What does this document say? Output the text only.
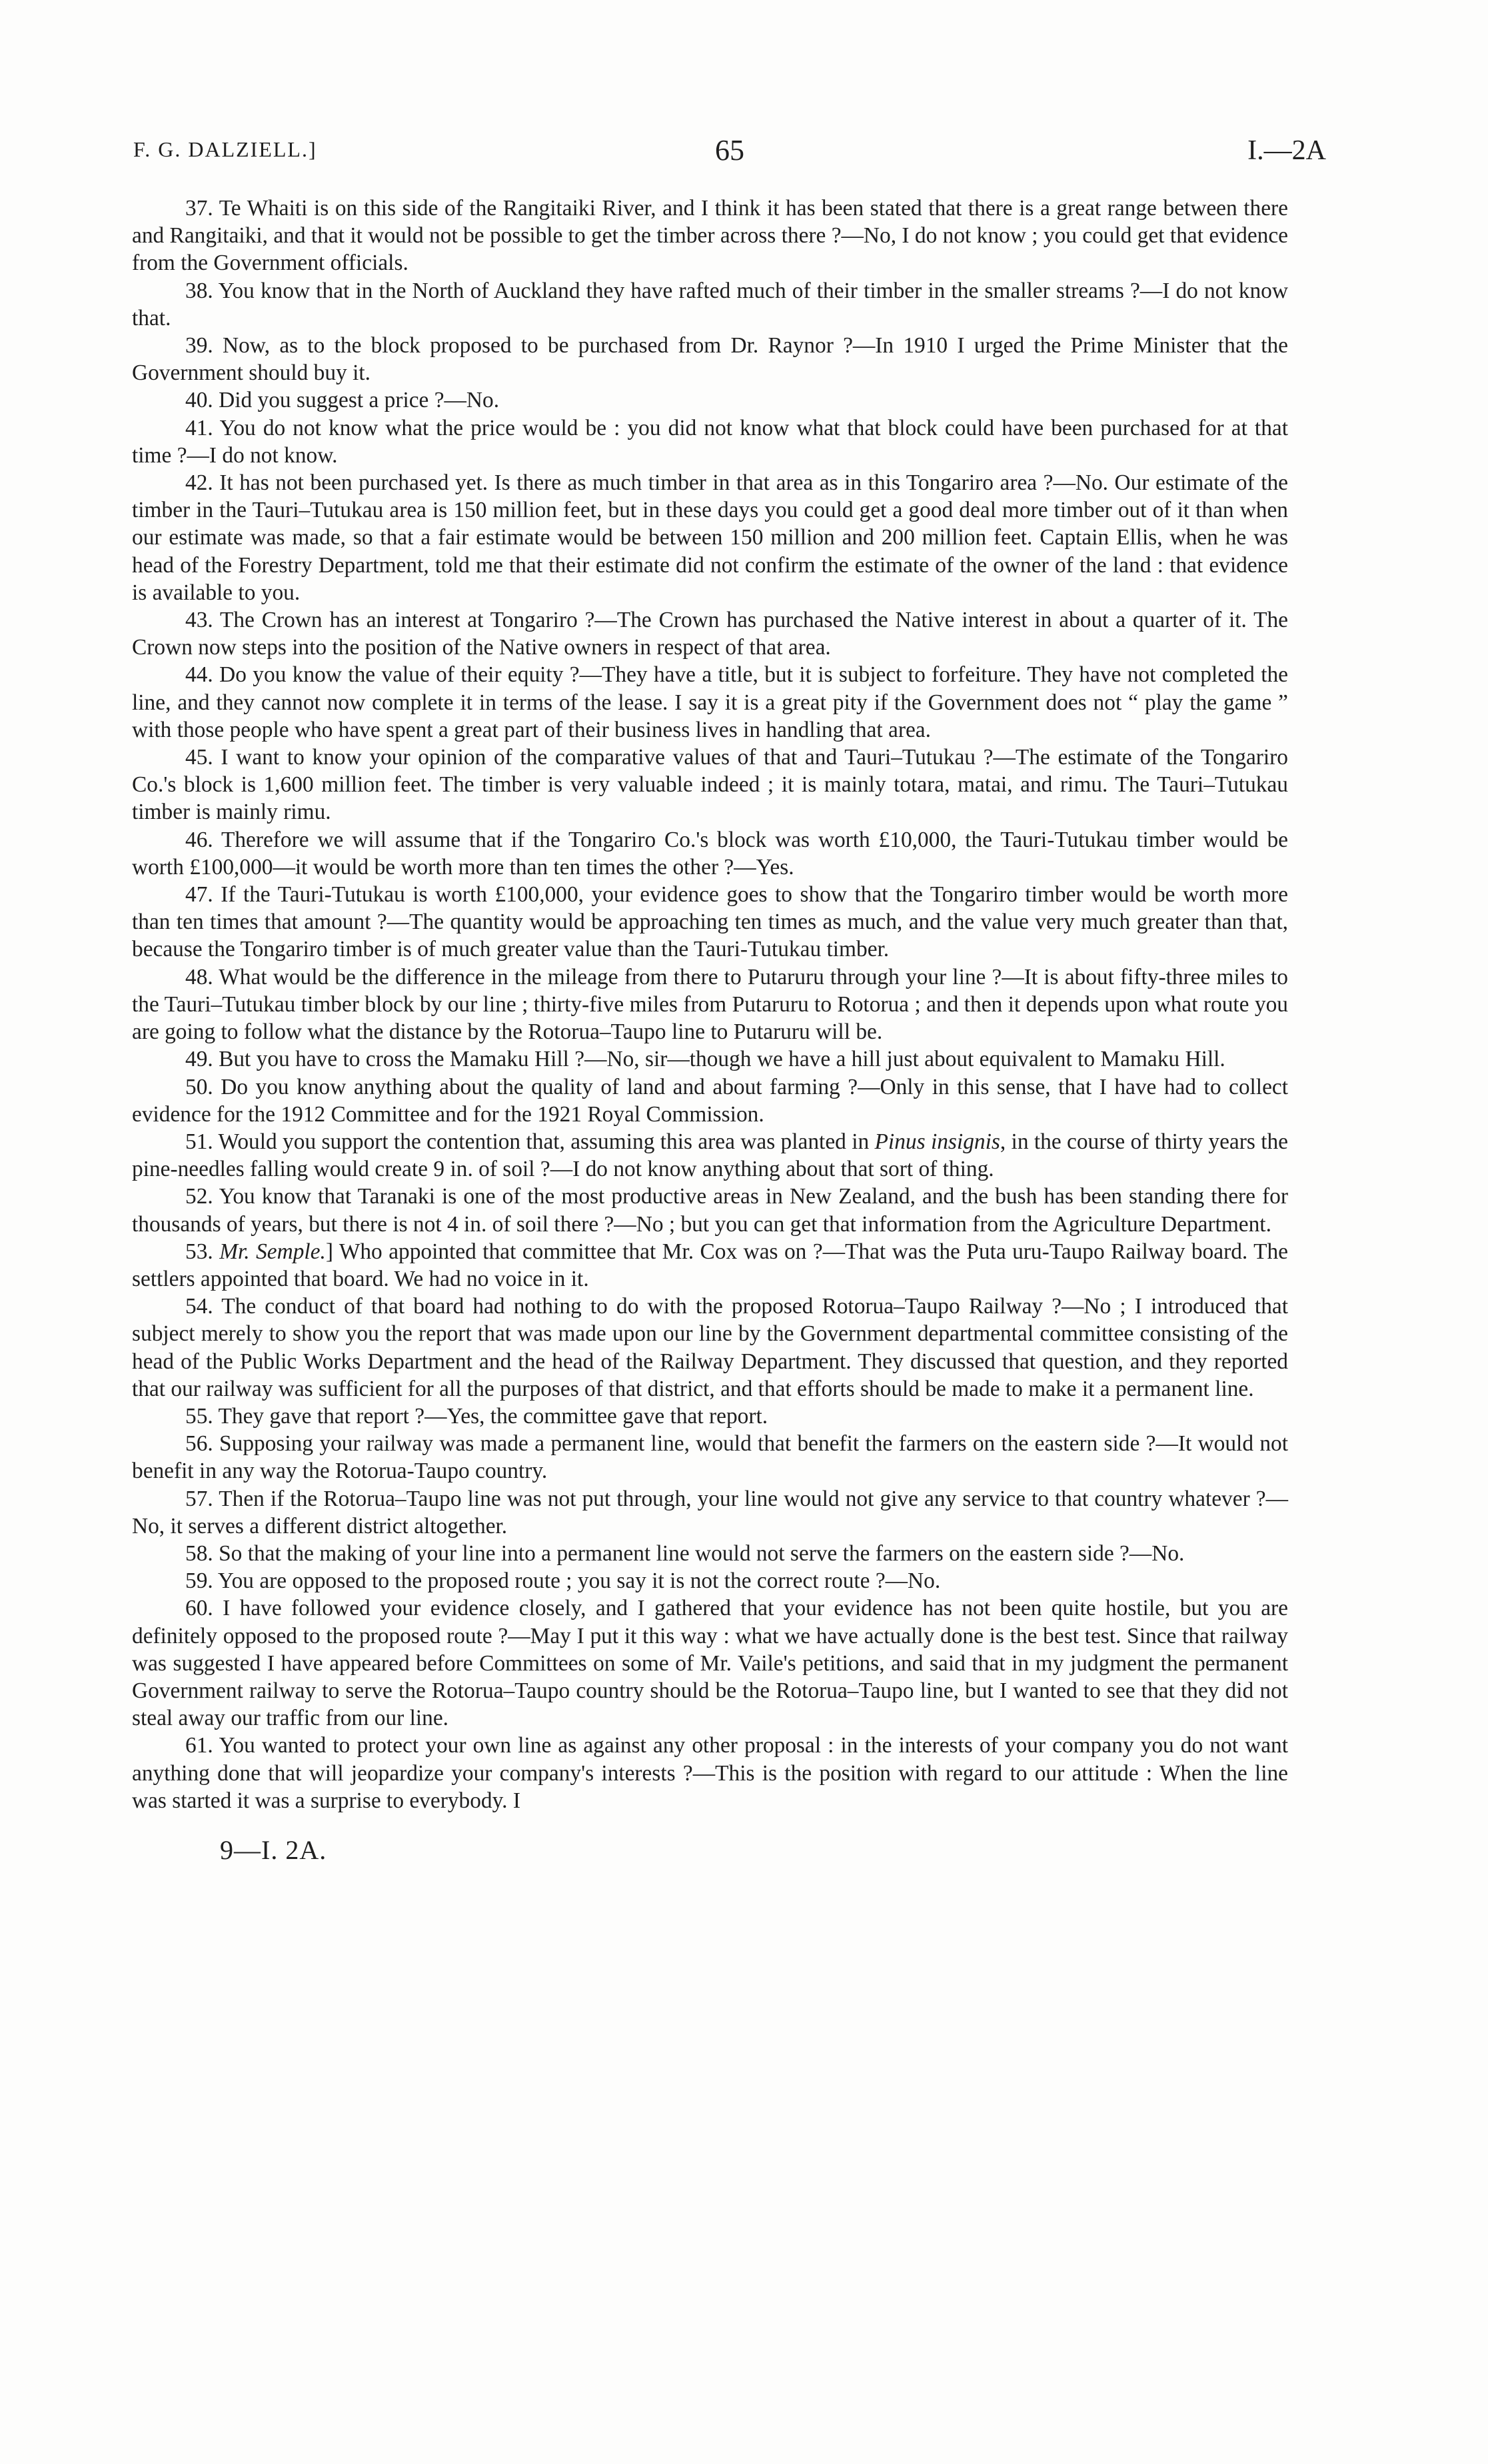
F. G. DALZIELL.]	65	I.—2A

37. Te Whaiti is on this side of the Rangitaiki River, and I think it has been stated that there is a great range between there and Rangitaiki, and that it would not be possible to get the timber across there ?—No, I do not know ; you could get that evidence from the Government officials.

38. You know that in the North of Auckland they have rafted much of their timber in the smaller streams ?—I do not know that.

39. Now, as to the block proposed to be purchased from Dr. Raynor ?—In 1910 I urged the Prime Minister that the Government should buy it.

40. Did you suggest a price ?—No.

41. You do not know what the price would be : you did not know what that block could have been purchased for at that time ?—I do not know.

42. It has not been purchased yet. Is there as much timber in that area as in this Tongariro area ?—No. Our estimate of the timber in the Tauri–Tutukau area is 150 million feet, but in these days you could get a good deal more timber out of it than when our estimate was made, so that a fair estimate would be between 150 million and 200 million feet. Captain Ellis, when he was head of the Forestry Department, told me that their estimate did not confirm the estimate of the owner of the land : that evidence is available to you.

43. The Crown has an interest at Tongariro ?—The Crown has purchased the Native interest in about a quarter of it. The Crown now steps into the position of the Native owners in respect of that area.

44. Do you know the value of their equity ?—They have a title, but it is subject to forfeiture. They have not completed the line, and they cannot now complete it in terms of the lease. I say it is a great pity if the Government does not “ play the game ” with those people who have spent a great part of their business lives in handling that area.

45. I want to know your opinion of the comparative values of that and Tauri–Tutukau ?—The estimate of the Tongariro Co.'s block is 1,600 million feet. The timber is very valuable indeed ; it is mainly totara, matai, and rimu. The Tauri–Tutukau timber is mainly rimu.

46. Therefore we will assume that if the Tongariro Co.'s block was worth £10,000, the Tauri-Tutukau timber would be worth £100,000—it would be worth more than ten times the other ?—Yes.

47. If the Tauri-Tutukau is worth £100,000, your evidence goes to show that the Tongariro timber would be worth more than ten times that amount ?—The quantity would be approaching ten times as much, and the value very much greater than that, because the Tongariro timber is of much greater value than the Tauri-Tutukau timber.

48. What would be the difference in the mileage from there to Putaruru through your line ?—It is about fifty-three miles to the Tauri–Tutukau timber block by our line ; thirty-five miles from Putaruru to Rotorua ; and then it depends upon what route you are going to follow what the distance by the Rotorua–Taupo line to Putaruru will be.

49. But you have to cross the Mamaku Hill ?—No, sir—though we have a hill just about equivalent to Mamaku Hill.

50. Do you know anything about the quality of land and about farming ?—Only in this sense, that I have had to collect evidence for the 1912 Committee and for the 1921 Royal Commission.

51. Would you support the contention that, assuming this area was planted in Pinus insignis, in the course of thirty years the pine-needles falling would create 9 in. of soil ?—I do not know anything about that sort of thing.

52. You know that Taranaki is one of the most productive areas in New Zealand, and the bush has been standing there for thousands of years, but there is not 4 in. of soil there ?—No ; but you can get that information from the Agriculture Department.

53. Mr. Semple.] Who appointed that committee that Mr. Cox was on ?—That was the Puta uru-Taupo Railway board. The settlers appointed that board. We had no voice in it.

54. The conduct of that board had nothing to do with the proposed Rotorua–Taupo Railway ?—No ; I introduced that subject merely to show you the report that was made upon our line by the Government departmental committee consisting of the head of the Public Works Department and the head of the Railway Department. They discussed that question, and they reported that our railway was sufficient for all the purposes of that district, and that efforts should be made to make it a permanent line.

55. They gave that report ?—Yes, the committee gave that report.

56. Supposing your railway was made a permanent line, would that benefit the farmers on the eastern side ?—It would not benefit in any way the Rotorua-Taupo country.

57. Then if the Rotorua–Taupo line was not put through, your line would not give any service to that country whatever ?—No, it serves a different district altogether.

58. So that the making of your line into a permanent line would not serve the farmers on the eastern side ?—No.

59. You are opposed to the proposed route ; you say it is not the correct route ?—No.

60. I have followed your evidence closely, and I gathered that your evidence has not been quite hostile, but you are definitely opposed to the proposed route ?—May I put it this way : what we have actually done is the best test. Since that railway was suggested I have appeared before Committees on some of Mr. Vaile's petitions, and said that in my judgment the permanent Government railway to serve the Rotorua–Taupo country should be the Rotorua–Taupo line, but I wanted to see that they did not steal away our traffic from our line.

61. You wanted to protect your own line as against any other proposal : in the interests of your company you do not want anything done that will jeopardize your company's interests ?—This is the position with regard to our attitude : When the line was started it was a surprise to everybody. I

9—I. 2A.
